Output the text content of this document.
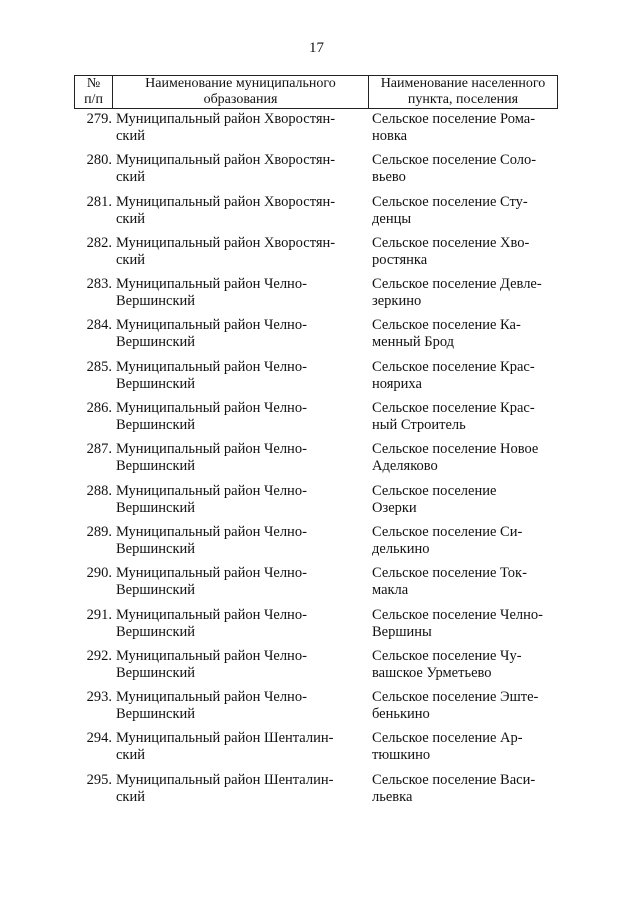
17
№
п/п
Наименование муниципального
образования
Наименование населенного
пункта, поселения
279. Муниципальный район Хворостян-
ский
Сельское поселение Рома-
новка
280. Муниципальный район Хворостян-
ский
Сельское поселение Соло-
вьево
281. Муниципальный район Хворостян-
ский
Сельское поселение Сту-
денцы
282. Муниципальный район Хворостян-
ский
Сельское поселение Хво-
ростянка
283. Муниципальный район Челно-
Вершинский
Сельское поселение Девле-
зеркино
284. Муниципальный район Челно-
Вершинский
Сельское поселение Ка-
менный Брод
285. Муниципальный район Челно-
Вершинский
Сельское поселение Крас-
нояриха
286. Муниципальный район Челно-
Вершинский
Сельское поселение Крас-
ный Строитель
287. Муниципальный район Челно-
Вершинский
Сельское поселение Новое
Аделяково
288. Муниципальный район Челно-
Вершинский
Сельское поселение
Озерки
289. Муниципальный район Челно-
Вершинский
Сельское поселение Си-
делькино
290. Муниципальный район Челно-
Вершинский
Сельское поселение Ток-
макла
291. Муниципальный район Челно-
Вершинский
Сельское поселение Челно-
Вершины
292. Муниципальный район Челно-
Вершинский
Сельское поселение Чу-
вашское Урметьево
293. Муниципальный район Челно-
Вершинский
Сельское поселение Эште-
бенькино
294. Муниципальный район Шенталин-
ский
Сельское поселение Ар-
тюшкино
295. Муниципальный район Шенталин-
ский
Сельское поселение Васи-
льевка
